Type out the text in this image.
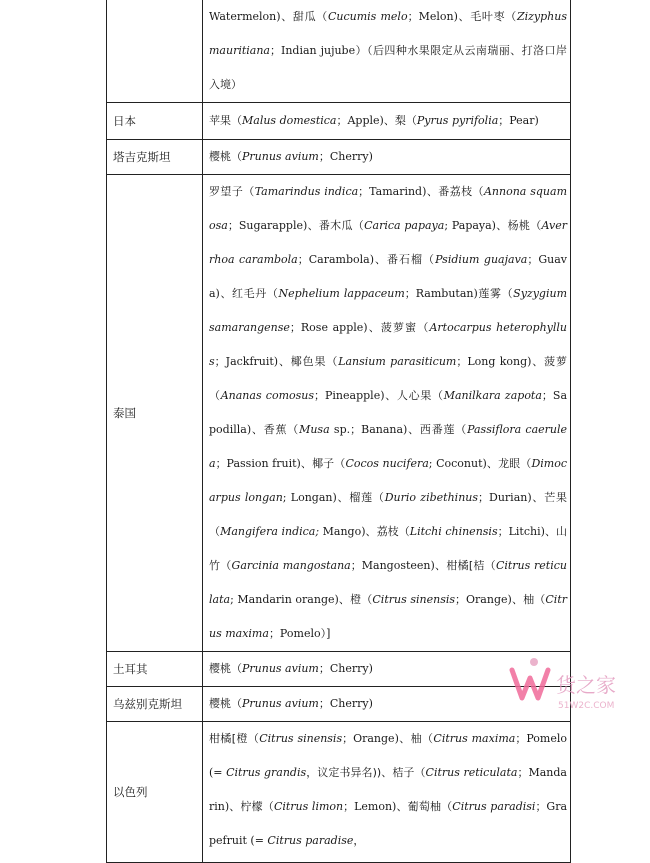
	Watermelon)、甜瓜（Cucumis melo；Melon)、毛叶枣（Zizyphus mauritiana；Indian jujube）（后四种水果限定从云南瑞丽、打洛口岸入境）
日本	苹果（Malus domestica；Apple)、梨（Pyrus pyrifolia；Pear)
塔吉克斯坦	樱桃（Prunus avium；Cherry)
泰国	罗望子（Tamarindus indica；Tamarind)、番荔枝（Annona squamosa；Sugarapple)、番木瓜（Carica papaya; Papaya)、杨桃（Averrhoa carambola；Carambola)、番石榴（Psidium guajava；Guava)、红毛丹（Nephelium lappaceum；Rambutan)莲雾（Syzygium samarangense；Rose apple)、菠萝蜜（Artocarpus heterophyllus；Jackfruit)、椰色果（Lansium parasiticum；Long kong)、菠萝（Ananas comosus；Pineapple)、人心果（Manilkara zapota；Sapodilla)、香蕉（Musa sp.；Banana)、西番莲（Passiflora caerulea；Passion fruit)、椰子（Cocos nucifera; Coconut)、龙眼（Dimocarpus longan; Longan)、榴莲（Durio zibethinus；Durian)、芒果（Mangifera indica; Mango)、荔枝（Litchi chinensis；Litchi)、山竹（Garcinia mangostana；Mangosteen)、柑橘[桔（Citrus reticulata; Mandarin orange)、橙（Citrus sinensis；Orange)、柚（Citrus maxima；Pomelo）]
土耳其	樱桃（Prunus avium；Cherry)
乌兹别克斯坦	樱桃（Prunus avium；Cherry)
以色列	柑橘[橙（Citrus sinensis；Orange)、柚（Citrus maxima；Pomelo (= Citrus grandis，议定书异名))、桔子（Citrus reticulata；Mandarin)、柠檬（Citrus limon；Lemon)、葡萄柚（Citrus paradisi；Grapefruit (= Citrus paradise，
货之家
51W2C.COM
